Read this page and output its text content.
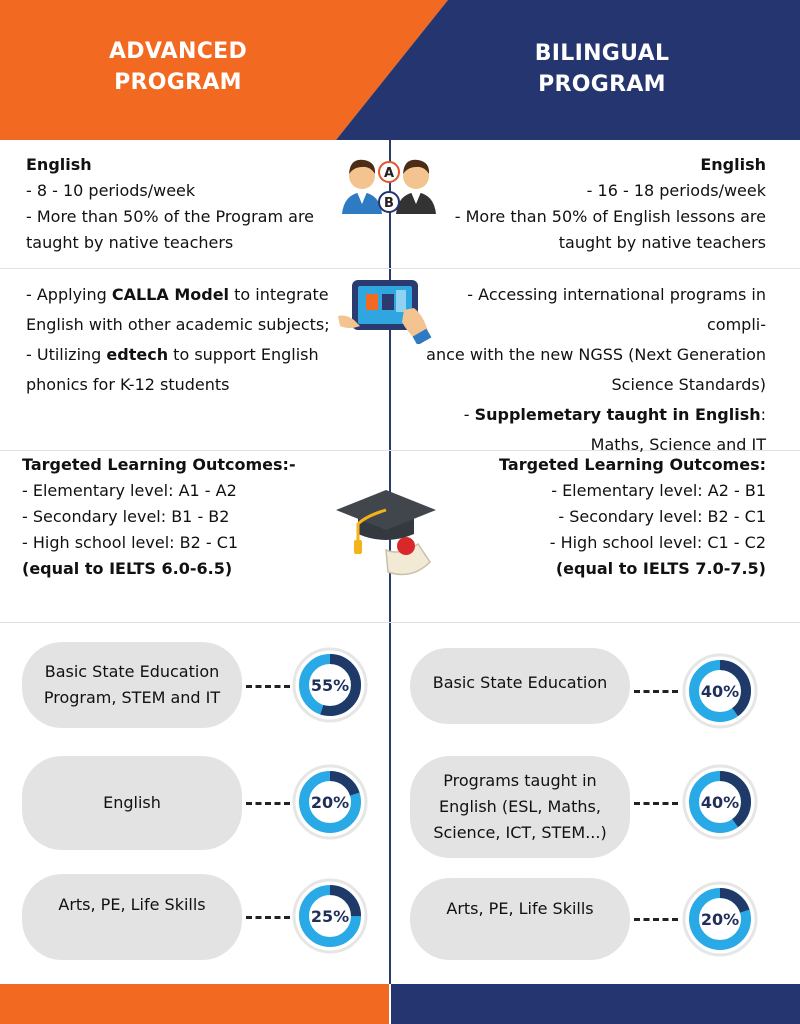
ADVANCED
PROGRAM
BILINGUAL
PROGRAM

English

- 8 - 10 periods/week

- More than 50% of the Program are

taught by native teachers

English

- 16 - 18 periods/week

- More than 50% of English lessons are

taught by native teachers

A
B

- Applying CALLA Model to integrate

English with other academic subjects;

- Utilizing edtech to support English

phonics for K-12 students

- Accessing international programs in compli-

ance with the new NGSS (Next Generation

Science Standards)

- Supplemetary taught in English:

Maths, Science and IT

Targeted Learning Outcomes:-

- Elementary level: A1 - A2

- Secondary level: B1 - B2

- High school level: B2 - C1

(equal to IELTS 6.0-6.5)

Targeted Learning Outcomes:

- Elementary level: A2 - B1

- Secondary level: B2 - C1

- High school level: C1 - C2

(equal to IELTS 7.0-7.5)

Basic State Education Program, STEM and IT
55%
English	20%
Arts, PE, Life Skills
25%
Basic State Education	40%
Programs taught in English (ESL, Maths, Science, ICT, STEM...)
40%
Arts, PE, Life Skills
20%
